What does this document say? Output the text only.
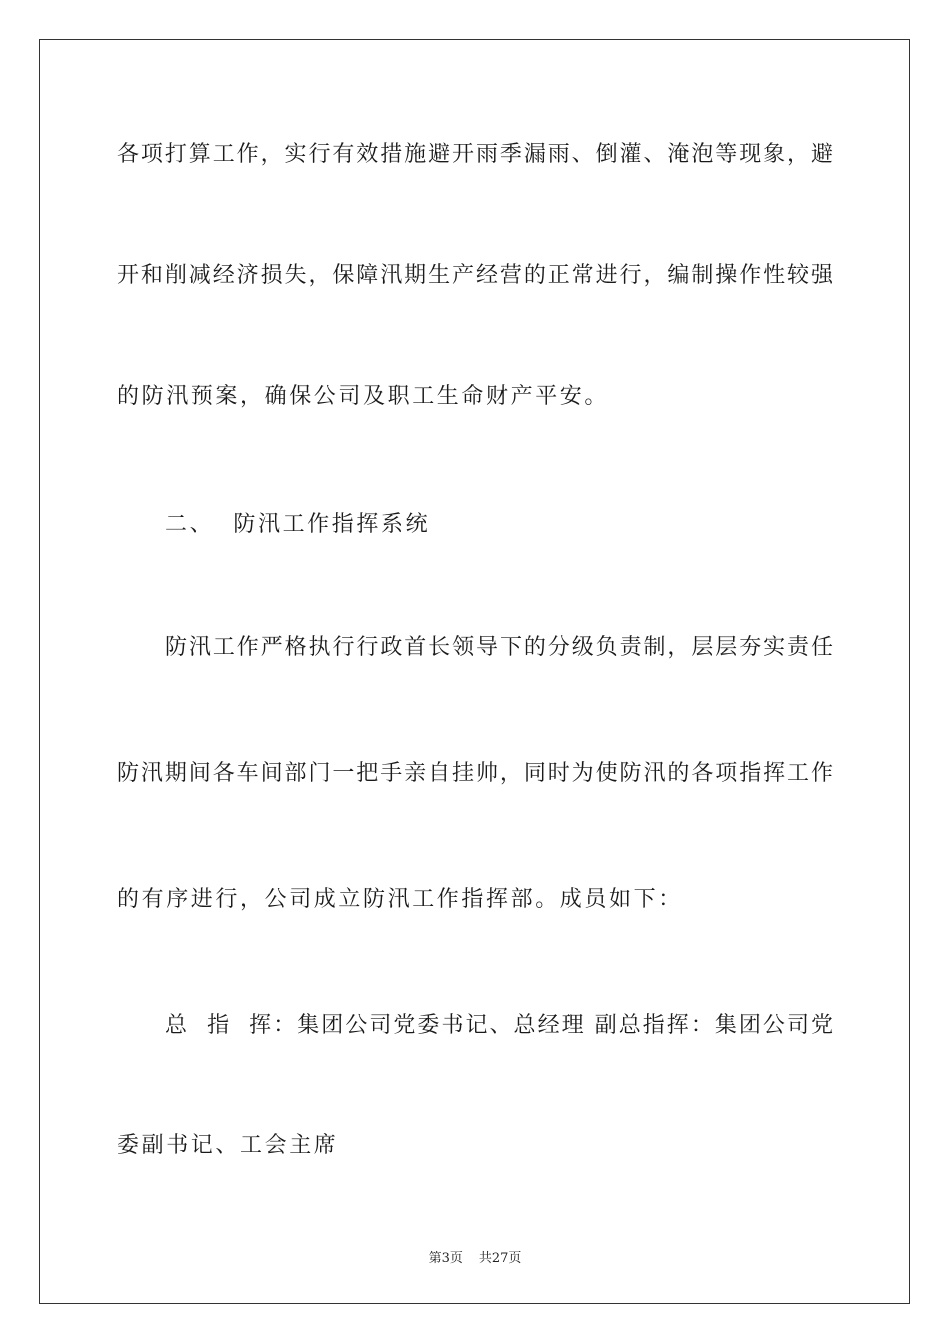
各项打算工作，实行有效措施避开雨季漏雨、倒灌、淹泡等现象，避
开和削减经济损失，保障汛期生产经营的正常进行，编制操作性较强
的防汛预案，确保公司及职工生命财产平安。
二、  防汛工作指挥系统
防汛工作严格执行行政首长领导下的分级负责制，层层夯实责任
防汛期间各车间部门一把手亲自挂帅，同时为使防汛的各项指挥工作
的有序进行，公司成立防汛工作指挥部。成员如下：
总  指  挥：集团公司党委书记、总经理 副总指挥：集团公司党
委副书记、工会主席
第3页 共27页
